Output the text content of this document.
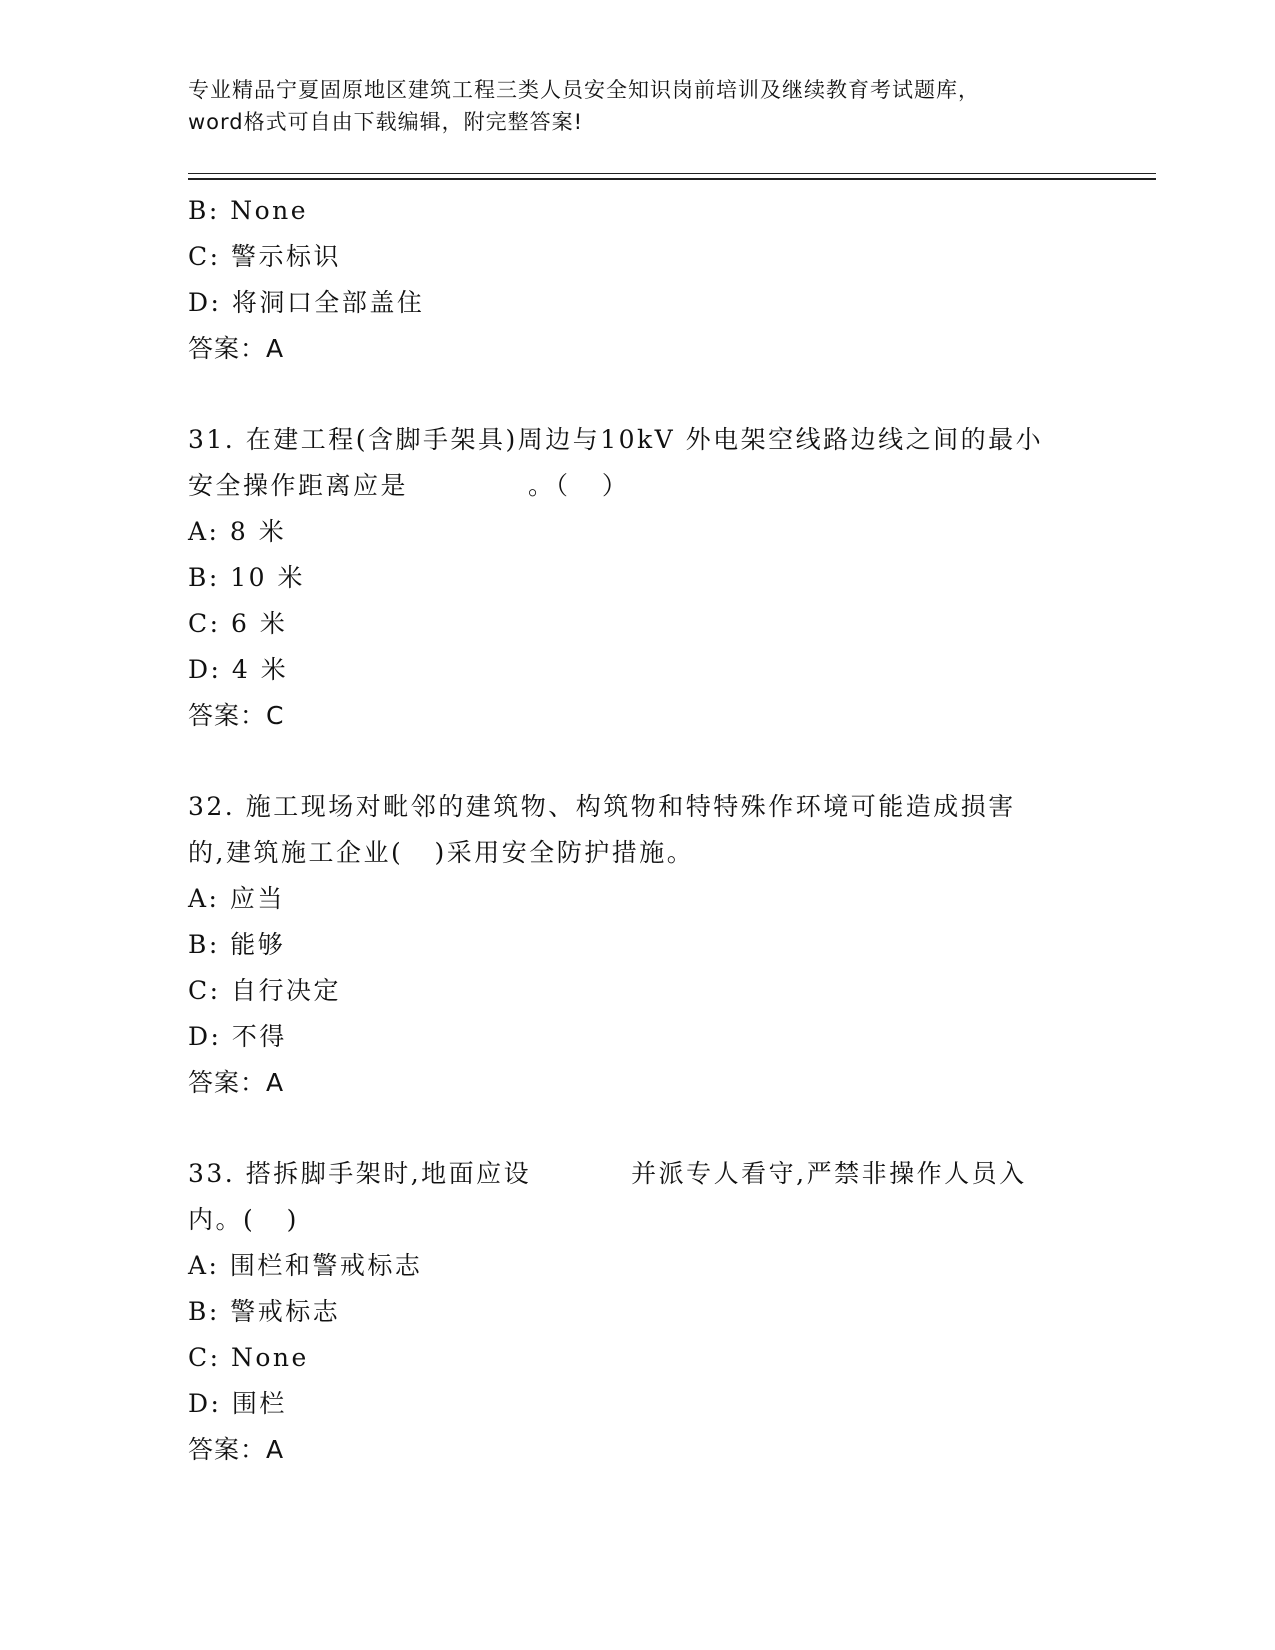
专业精品宁夏固原地区建筑工程三类人员安全知识岗前培训及继续教育考试题库，
word格式可自由下载编辑，附完整答案!
B: None
C: 警示标识
D: 将洞口全部盖住
答案：A
31. 在建工程(含脚手架具)周边与10kV 外电架空线路边线之间的最小
安全操作距离应是	。（   ）
A: 8 米
B: 10 米
C: 6 米
D: 4 米
答案：C
32. 施工现场对毗邻的建筑物、构筑物和特特殊作环境可能造成损害
的,建筑施工企业(   )采用安全防护措施。
A: 应当
B: 能够
C: 自行决定
D: 不得
答案：A
33. 搭拆脚手架时,地面应设	并派专人看守,严禁非操作人员入
内。(   )
A: 围栏和警戒标志
B: 警戒标志
C: None
D: 围栏
答案：A
